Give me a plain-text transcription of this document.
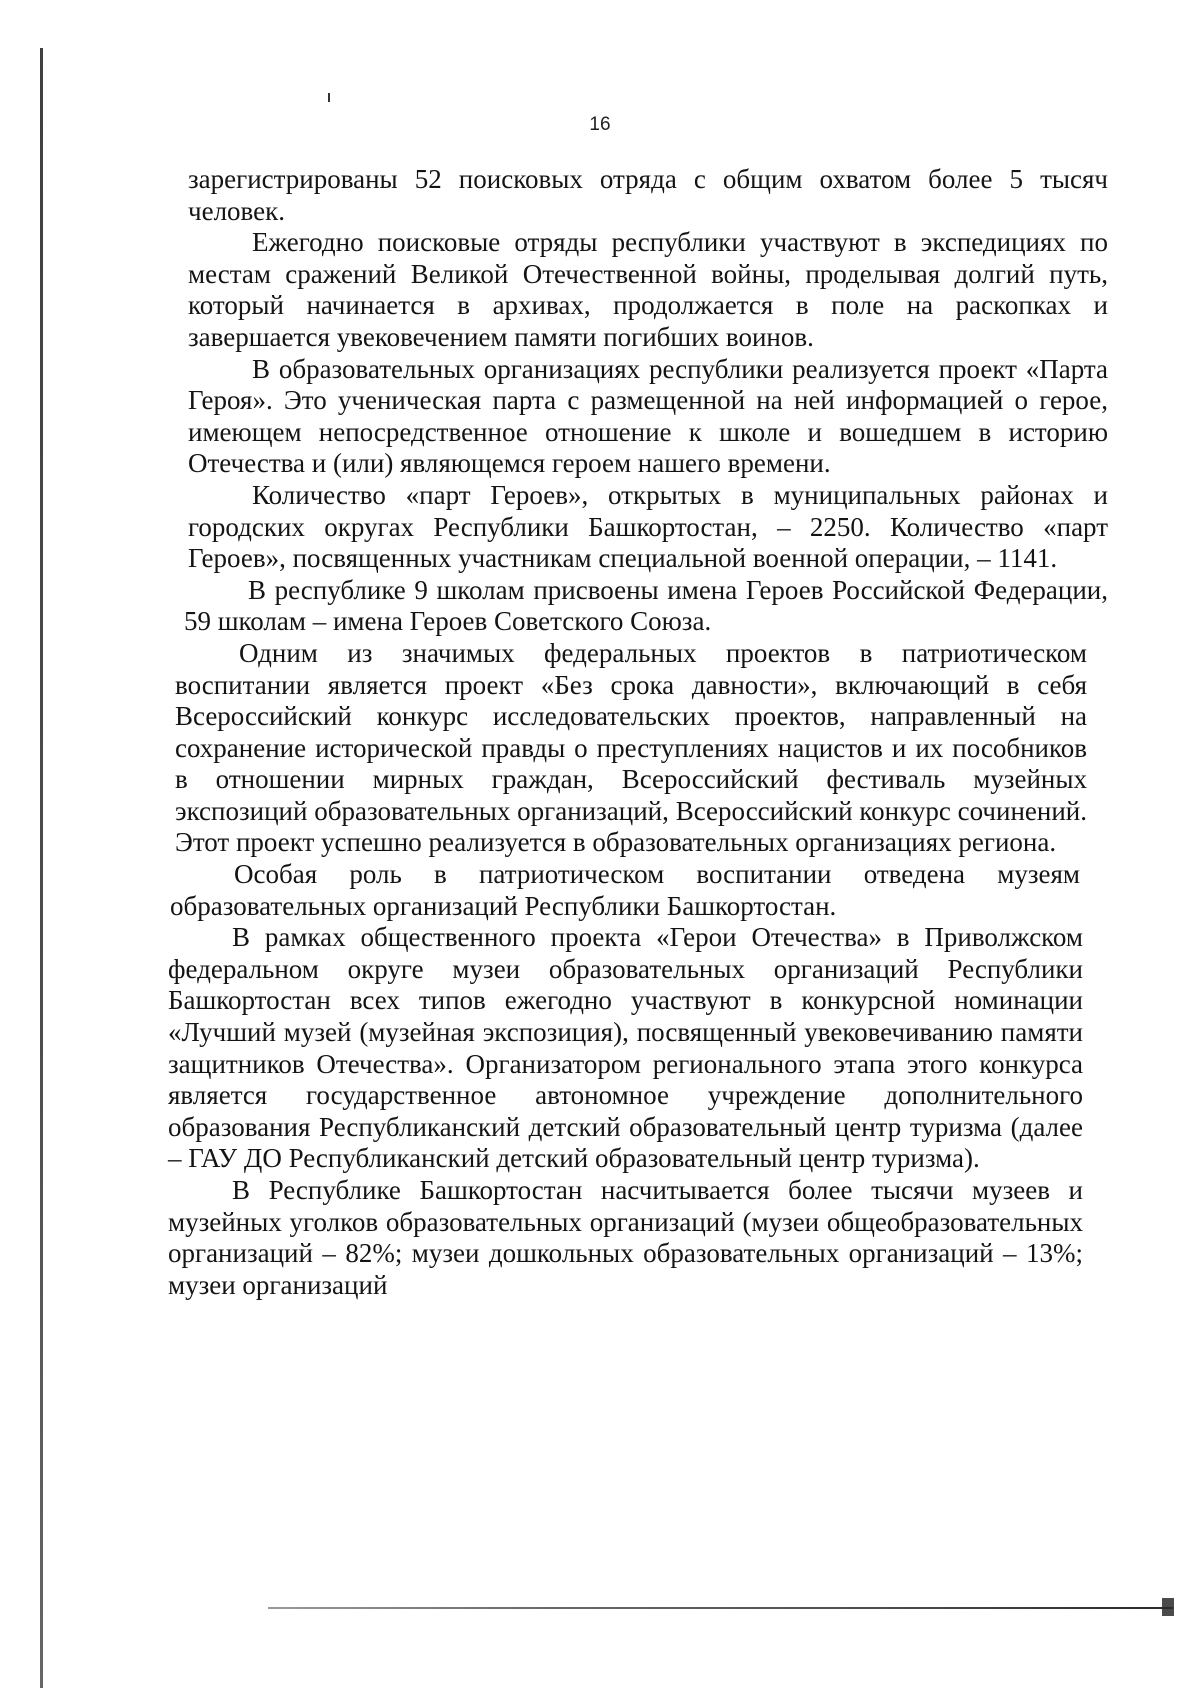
16

зарегистрированы 52 поисковых отряда с общим охватом более 5 тысяч человек.

Ежегодно поисковые отряды республики участвуют в экспедициях по местам сражений Великой Отечественной войны, проделывая долгий путь, который начинается в архивах, продолжается в поле на раскопках и завершается увековечением памяти погибших воинов.

В образовательных организациях республики реализуется проект «Парта Героя». Это ученическая парта с размещенной на ней информацией о герое, имеющем непосредственное отношение к школе и вошедшем в историю Отечества и (или) являющемся героем нашего времени.

Количество «парт Героев», открытых в муниципальных районах и городских округах Республики Башкортостан, – 2250. Количество «парт Героев», посвященных участникам специальной военной операции, – 1141.

В республике 9 школам присвоены имена Героев Российской Федерации, 59 школам – имена Героев Советского Союза.

Одним из значимых федеральных проектов в патриотическом воспитании является проект «Без срока давности», включающий в себя Всероссийский конкурс исследовательских проектов, направленный на сохранение исторической правды о преступлениях нацистов и их пособников в отношении мирных граждан, Всероссийский фестиваль музейных экспозиций образовательных организаций, Всероссийский конкурс сочинений. Этот проект успешно реализуется в образовательных организациях региона.

Особая роль в патриотическом воспитании отведена музеям образовательных организаций Республики Башкортостан.

В рамках общественного проекта «Герои Отечества» в Приволжском федеральном округе музеи образовательных организаций Республики Башкортостан всех типов ежегодно участвуют в конкурсной номинации «Лучший музей (музейная экспозиция), посвященный увековечиванию памяти защитников Отечества». Организатором регионального этапа этого конкурса является государственное автономное учреждение дополнительного образования Республиканский детский образовательный центр туризма (далее – ГАУ ДО Республиканский детский образовательный центр туризма).

В Республике Башкортостан насчитывается более тысячи музеев и музейных уголков образовательных организаций (музеи общеобразовательных организаций – 82%; музеи дошкольных образовательных организаций – 13%; музеи организаций
